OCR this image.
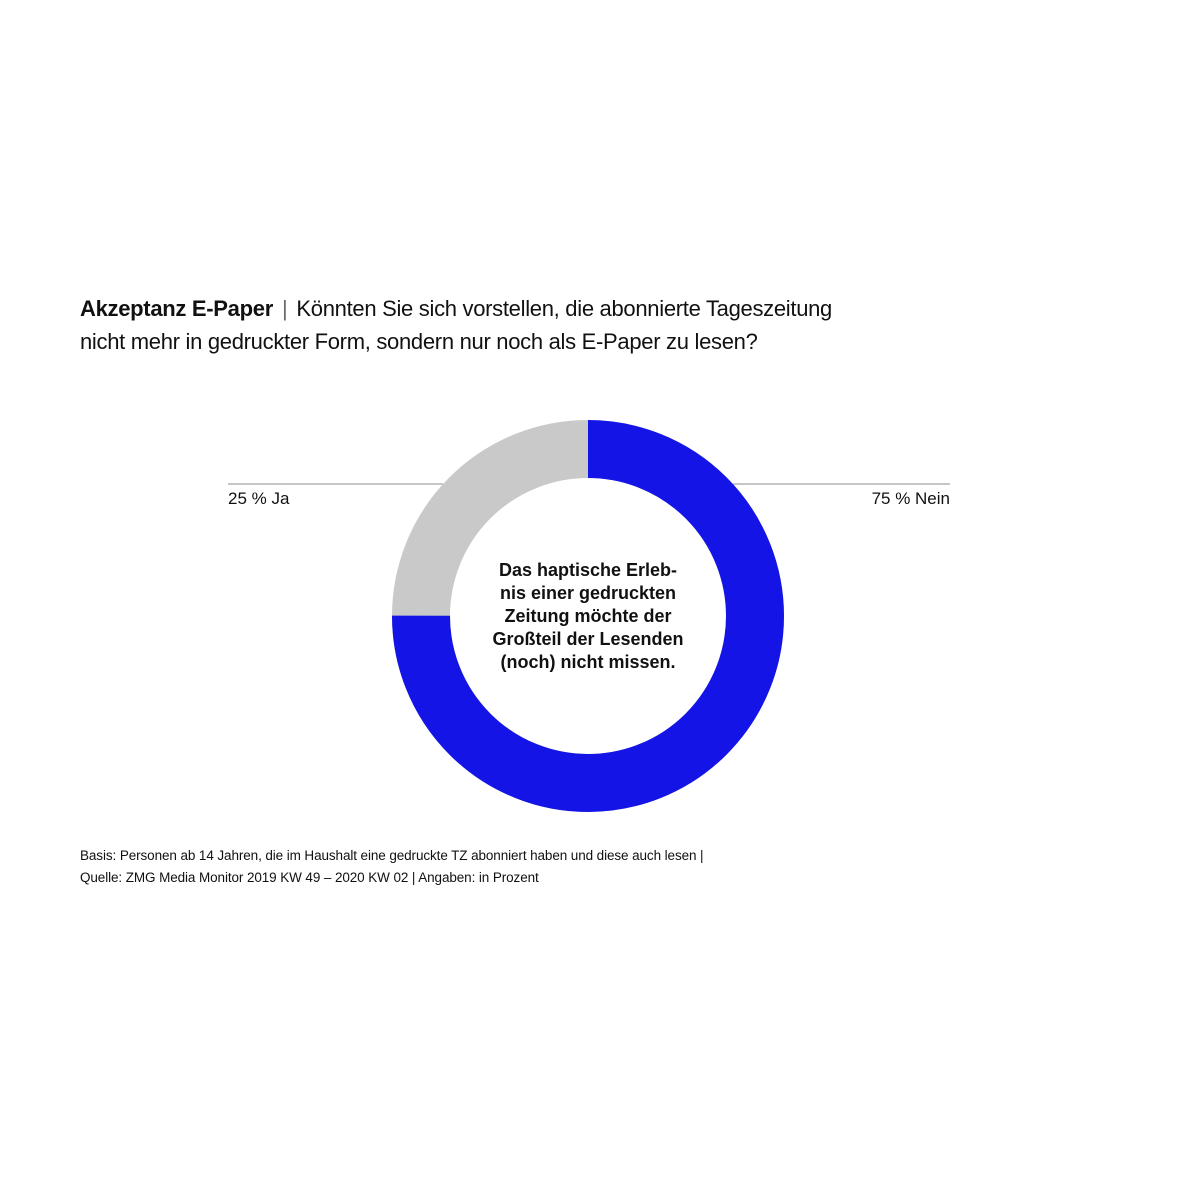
Akzeptanz E-Paper | Könnten Sie sich vorstellen, die abonnierte Tageszeitung
nicht mehr in gedruckter Form, sondern nur noch als E-Paper zu lesen?
25 % Ja	75 % Nein
Das haptische Erleb-
nis einer gedruckten
Zeitung möchte der
Großteil der Lesenden
(noch) nicht missen.
Basis: Personen ab 14 Jahren, die im Haushalt eine gedruckte TZ abonniert haben und diese auch lesen |
Quelle: ZMG Media Monitor 2019 KW 49 – 2020 KW 02 | Angaben: in Prozent
